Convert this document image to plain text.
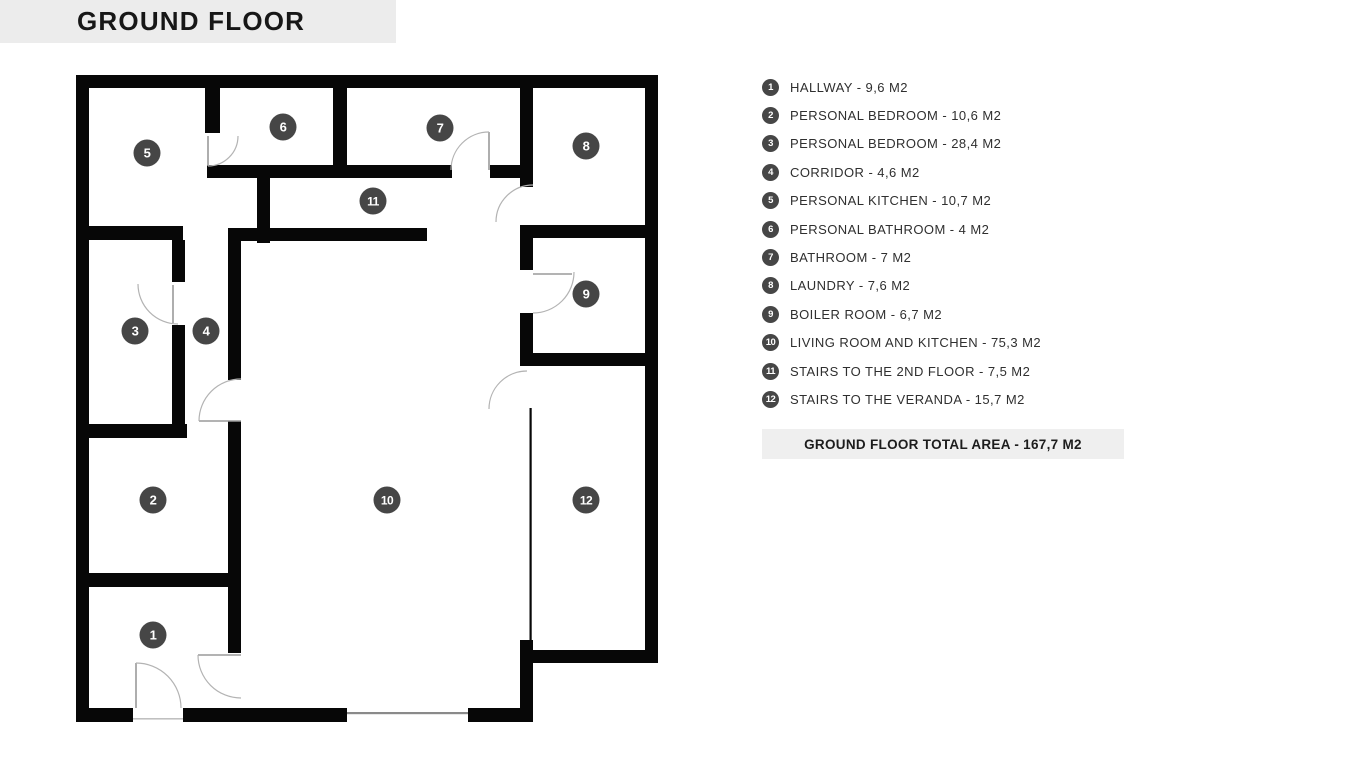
GROUND FLOOR
1
2
3	4
5
6	7
8
9
10
11
12
1	HALLWAY - 9,6 M2
2	PERSONAL BEDROOM - 10,6 M2
3	PERSONAL BEDROOM - 28,4 M2
4	CORRIDOR - 4,6 M2
5	PERSONAL KITCHEN - 10,7 M2
6	PERSONAL BATHROOM - 4 M2
7	BATHROOM - 7 M2
8	LAUNDRY - 7,6 M2
9	BOILER ROOM - 6,7 M2
10 LIVING ROOM AND KITCHEN - 75,3 M2
11	STAIRS TO THE 2ND FLOOR - 7,5 M2
12 STAIRS TO THE VERANDA - 15,7 M2
GROUND FLOOR TOTAL AREA - 167,7 M2
